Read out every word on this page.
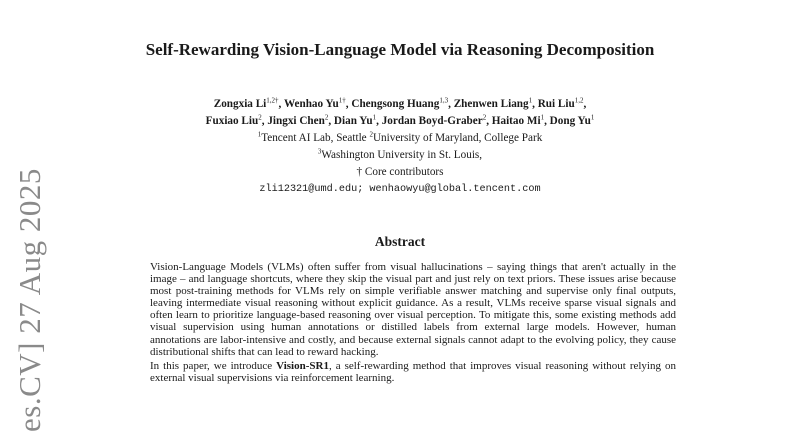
es.CV] 27 Aug 2025
Self-Rewarding Vision-Language Model via Reasoning Decomposition
Zongxia $Li^{1,2\dagger}$, Wenhao $Yu^{1\dagger}$, Chengsong Huang$^{1,3}$, Zhenwen Liang$^1$, Rui Liu$^{1,2}$,
Fuxiao Liu$^2$, Jingxi Chen$^2$, Dian Yu$^1$, Jordan Boyd-Graber$^2$, Haitao Mi$^1$, Dong Yu$^1$
$^1$Tencent AI Lab, Seattle $^2$University of Maryland, College Park
$^3$Washington University in St. Louis,
† Core contributors
zli12321@umd.edu; wenhaowyu@global.tencent.com
Abstract

Vision-Language Models (VLMs) often suffer from visual hallucinations – saying things that aren't actually in the image – and language shortcuts, where they skip the visual part and just rely on text priors. These issues arise because most post-training methods for VLMs rely on simple verifiable answer matching and supervise only final outputs, leaving intermediate visual reasoning without explicit guidance. As a result, VLMs receive sparse visual signals and often learn to prioritize language-based reasoning over visual perception. To mitigate this, some existing methods add visual supervision using human annotations or distilled labels from external large models. However, human annotations are labor-intensive and costly, and because external signals cannot adapt to the evolving policy, they cause distributional shifts that can lead to reward hacking.

In this paper, we introduce Vision-SR1, a self-rewarding method that improves visual reasoning without relying on external visual supervisions via reinforcement learning.
